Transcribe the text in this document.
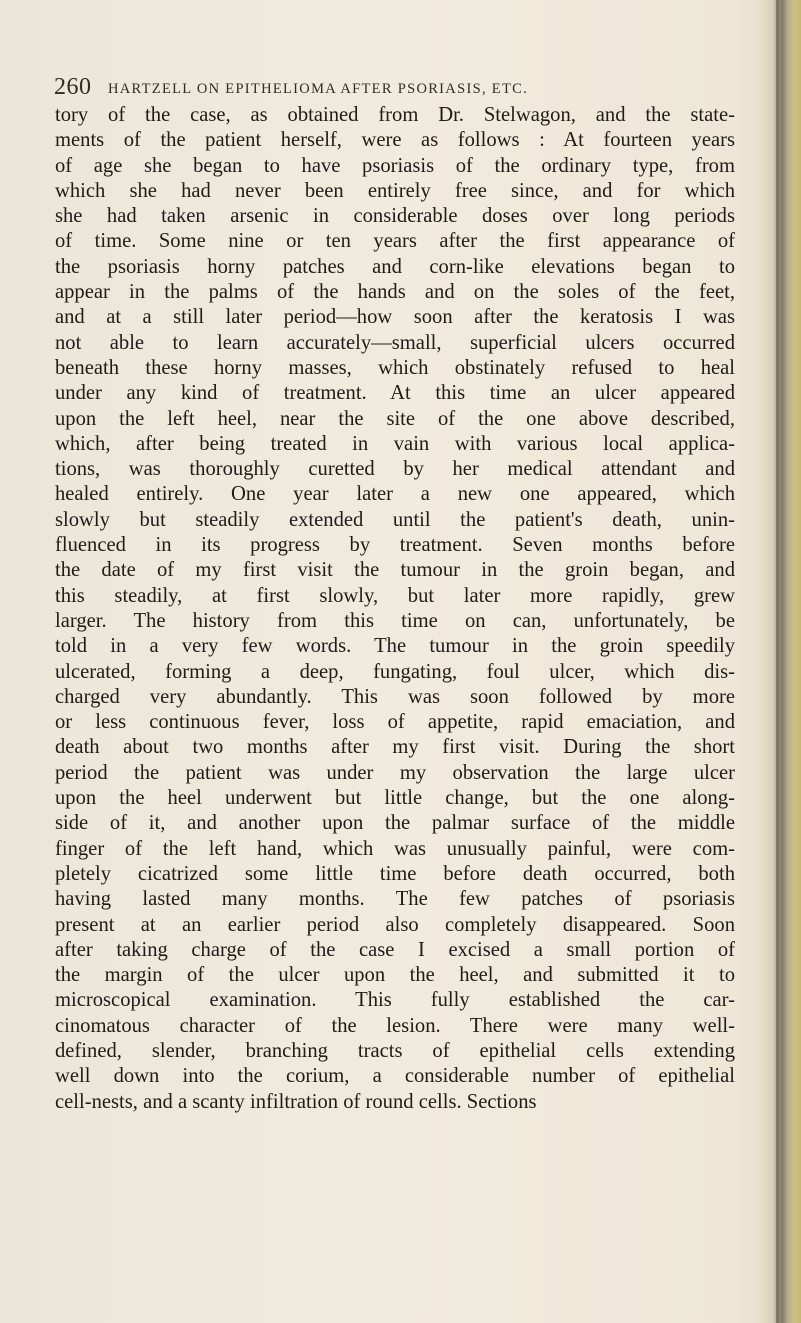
260 HARTZELL ON EPITHELIOMA AFTER PSORIASIS, ETC.
tory of the case, as obtained from Dr. Stelwagon, and the state-
ments of the patient herself, were as follows : At fourteen years
of age she began to have psoriasis of the ordinary type, from
which she had never been entirely free since, and for which
she had taken arsenic in considerable doses over long periods
of time. Some nine or ten years after the first appearance of
the psoriasis horny patches and corn-like elevations began to
appear in the palms of the hands and on the soles of the feet,
and at a still later period—how soon after the keratosis I was
not able to learn accurately—small, superficial ulcers occurred
beneath these horny masses, which obstinately refused to heal
under any kind of treatment. At this time an ulcer appeared
upon the left heel, near the site of the one above described,
which, after being treated in vain with various local applica-
tions, was thoroughly curetted by her medical attendant and
healed entirely. One year later a new one appeared, which
slowly but steadily extended until the patient's death, unin-
fluenced in its progress by treatment. Seven months before
the date of my first visit the tumour in the groin began, and
this steadily, at first slowly, but later more rapidly, grew
larger. The history from this time on can, unfortunately, be
told in a very few words. The tumour in the groin speedily
ulcerated, forming a deep, fungating, foul ulcer, which dis-
charged very abundantly. This was soon followed by more
or less continuous fever, loss of appetite, rapid emaciation, and
death about two months after my first visit. During the short
period the patient was under my observation the large ulcer
upon the heel underwent but little change, but the one along-
side of it, and another upon the palmar surface of the middle
finger of the left hand, which was unusually painful, were com-
pletely cicatrized some little time before death occurred, both
having lasted many months. The few patches of psoriasis
present at an earlier period also completely disappeared. Soon
after taking charge of the case I excised a small portion of
the margin of the ulcer upon the heel, and submitted it to
microscopical examination. This fully established the car-
cinomatous character of the lesion. There were many well-
defined, slender, branching tracts of epithelial cells extending
well down into the corium, a considerable number of epithelial
cell-nests, and a scanty infiltration of round cells. Sections
